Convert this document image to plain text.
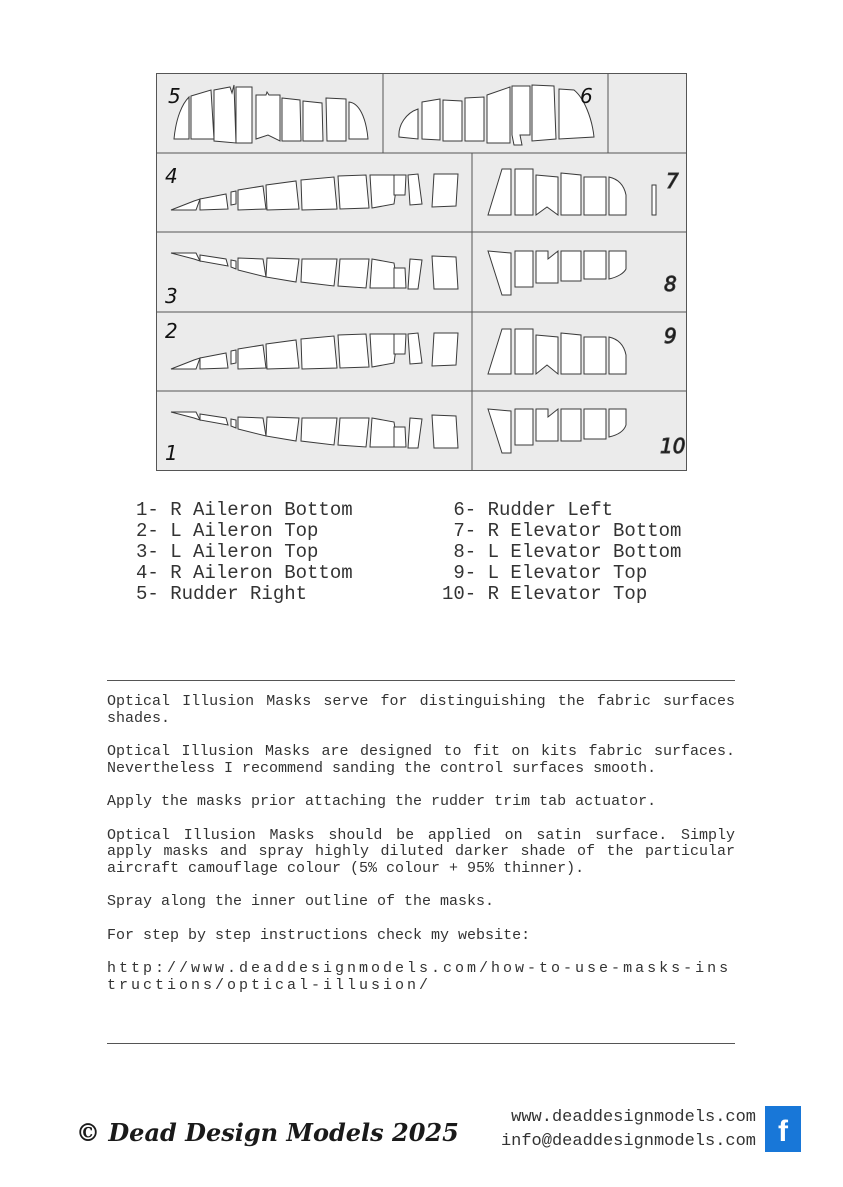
5	6
4
3
2
1
7
8
9
10
1- R Aileron Bottom
2- L Aileron Top
3- L Aileron Top
4- R Aileron Bottom
5- Rudder Right
6- Rudder Left
7- R Elevator Bottom
8- L Elevator Bottom
9- L Elevator Top
10- R Elevator Top

Optical Illusion Masks serve for distinguishing the fabric surfaces shades.

Optical Illusion Masks are designed to fit on kits fabric surfaces. Nevertheless I recommend sanding the control surfaces smooth.

Apply the masks prior attaching the rudder trim tab actuator.

Optical Illusion Masks should be applied on satin surface. Simply apply masks and spray highly diluted darker shade of the particular aircraft camouflage colour (5% colour + 95% thinner).

Spray along the inner outline of the masks.

For step by step instructions check my website:

http://www.deaddesignmodels.com/how-to-use-masks-instructions/optical-illusion/

© Dead Design Models 2025
www.deaddesignmodels.com
info@deaddesignmodels.com f
